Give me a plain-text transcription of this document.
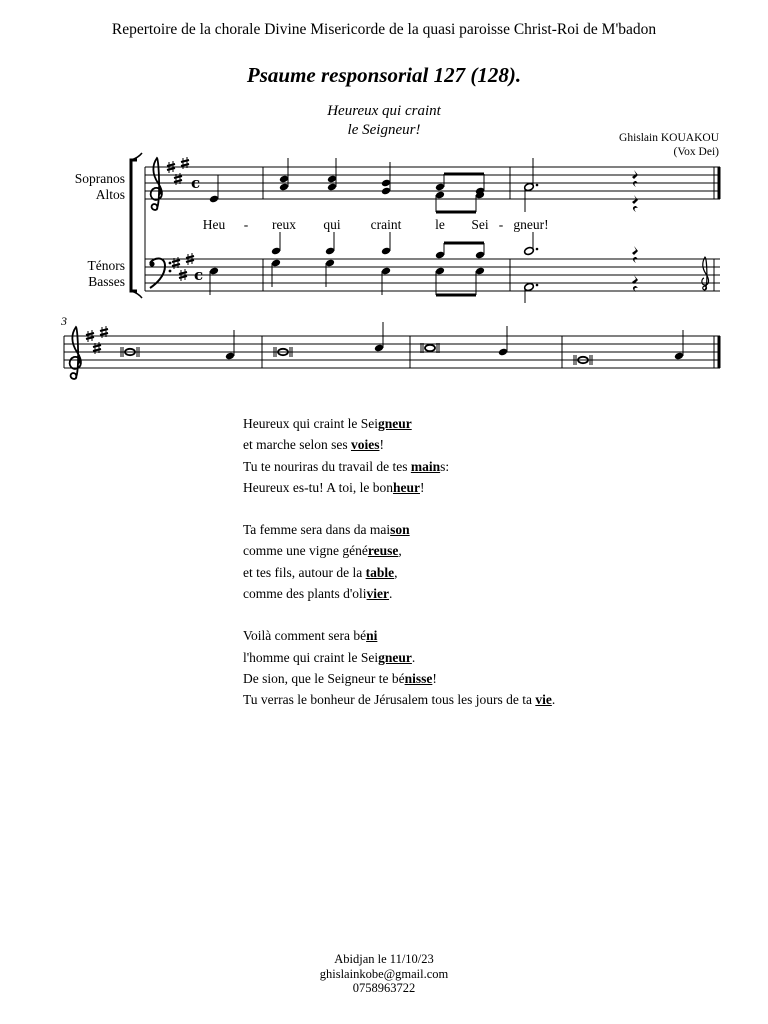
Repertoire de la chorale Divine Misericorde de la quasi paroisse Christ-Roi de M'badon
Psaume responsorial 127 (128).
Heureux qui craint
le Seigneur!	Ghislain KOUAKOU
(Vox Dei)
Sopranos
Altos
Ténors
Basses
c
c
Heu - reux qui craint	le Sei - gneur!
3
Heureux qui craint le Seigneur
et marche selon ses voies!
Tu te nouriras du travail de tes mains:
Heureux es-tu! A toi, le bonheur!
Ta femme sera dans da maison
comme une vigne généreuse,
et tes fils, autour de la table,
comme des plants d'olivier.
Voilà comment sera béni
l'homme qui craint le Seigneur.
De sion, que le Seigneur te bénisse!
Tu verras le bonheur de Jérusalem tous les jours de ta vie.
Abidjan le 11/10/23
ghislainkobe@gmail.com
0758963722
